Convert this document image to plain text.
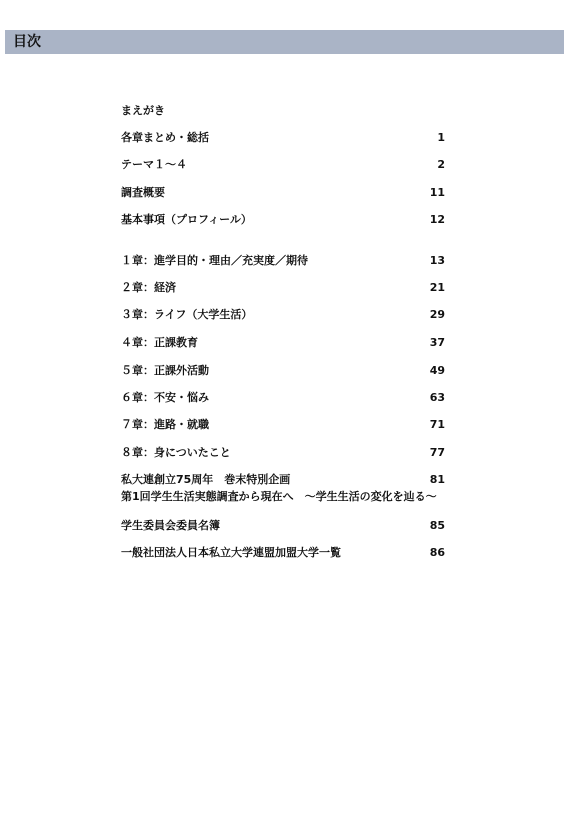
目次
まえがき
各章まとめ・総括	1
テーマ１～４	2
調査概要	11
基本事項（プロフィール）	12
１章：進学目的・理由／充実度／期待	13
２章：経済	21
３章：ライフ（大学生活）	29
４章：正課教育	37
５章：正課外活動	49
６章：不安・悩み	63
７章：進路・就職	71
８章：身についたこと	77
私大連創立75周年　巻末特別企画	81
第1回学生生活実態調査から現在へ　～学生生活の変化を辿る～
学生委員会委員名簿	85
一般社団法人日本私立大学連盟加盟大学一覧	86
